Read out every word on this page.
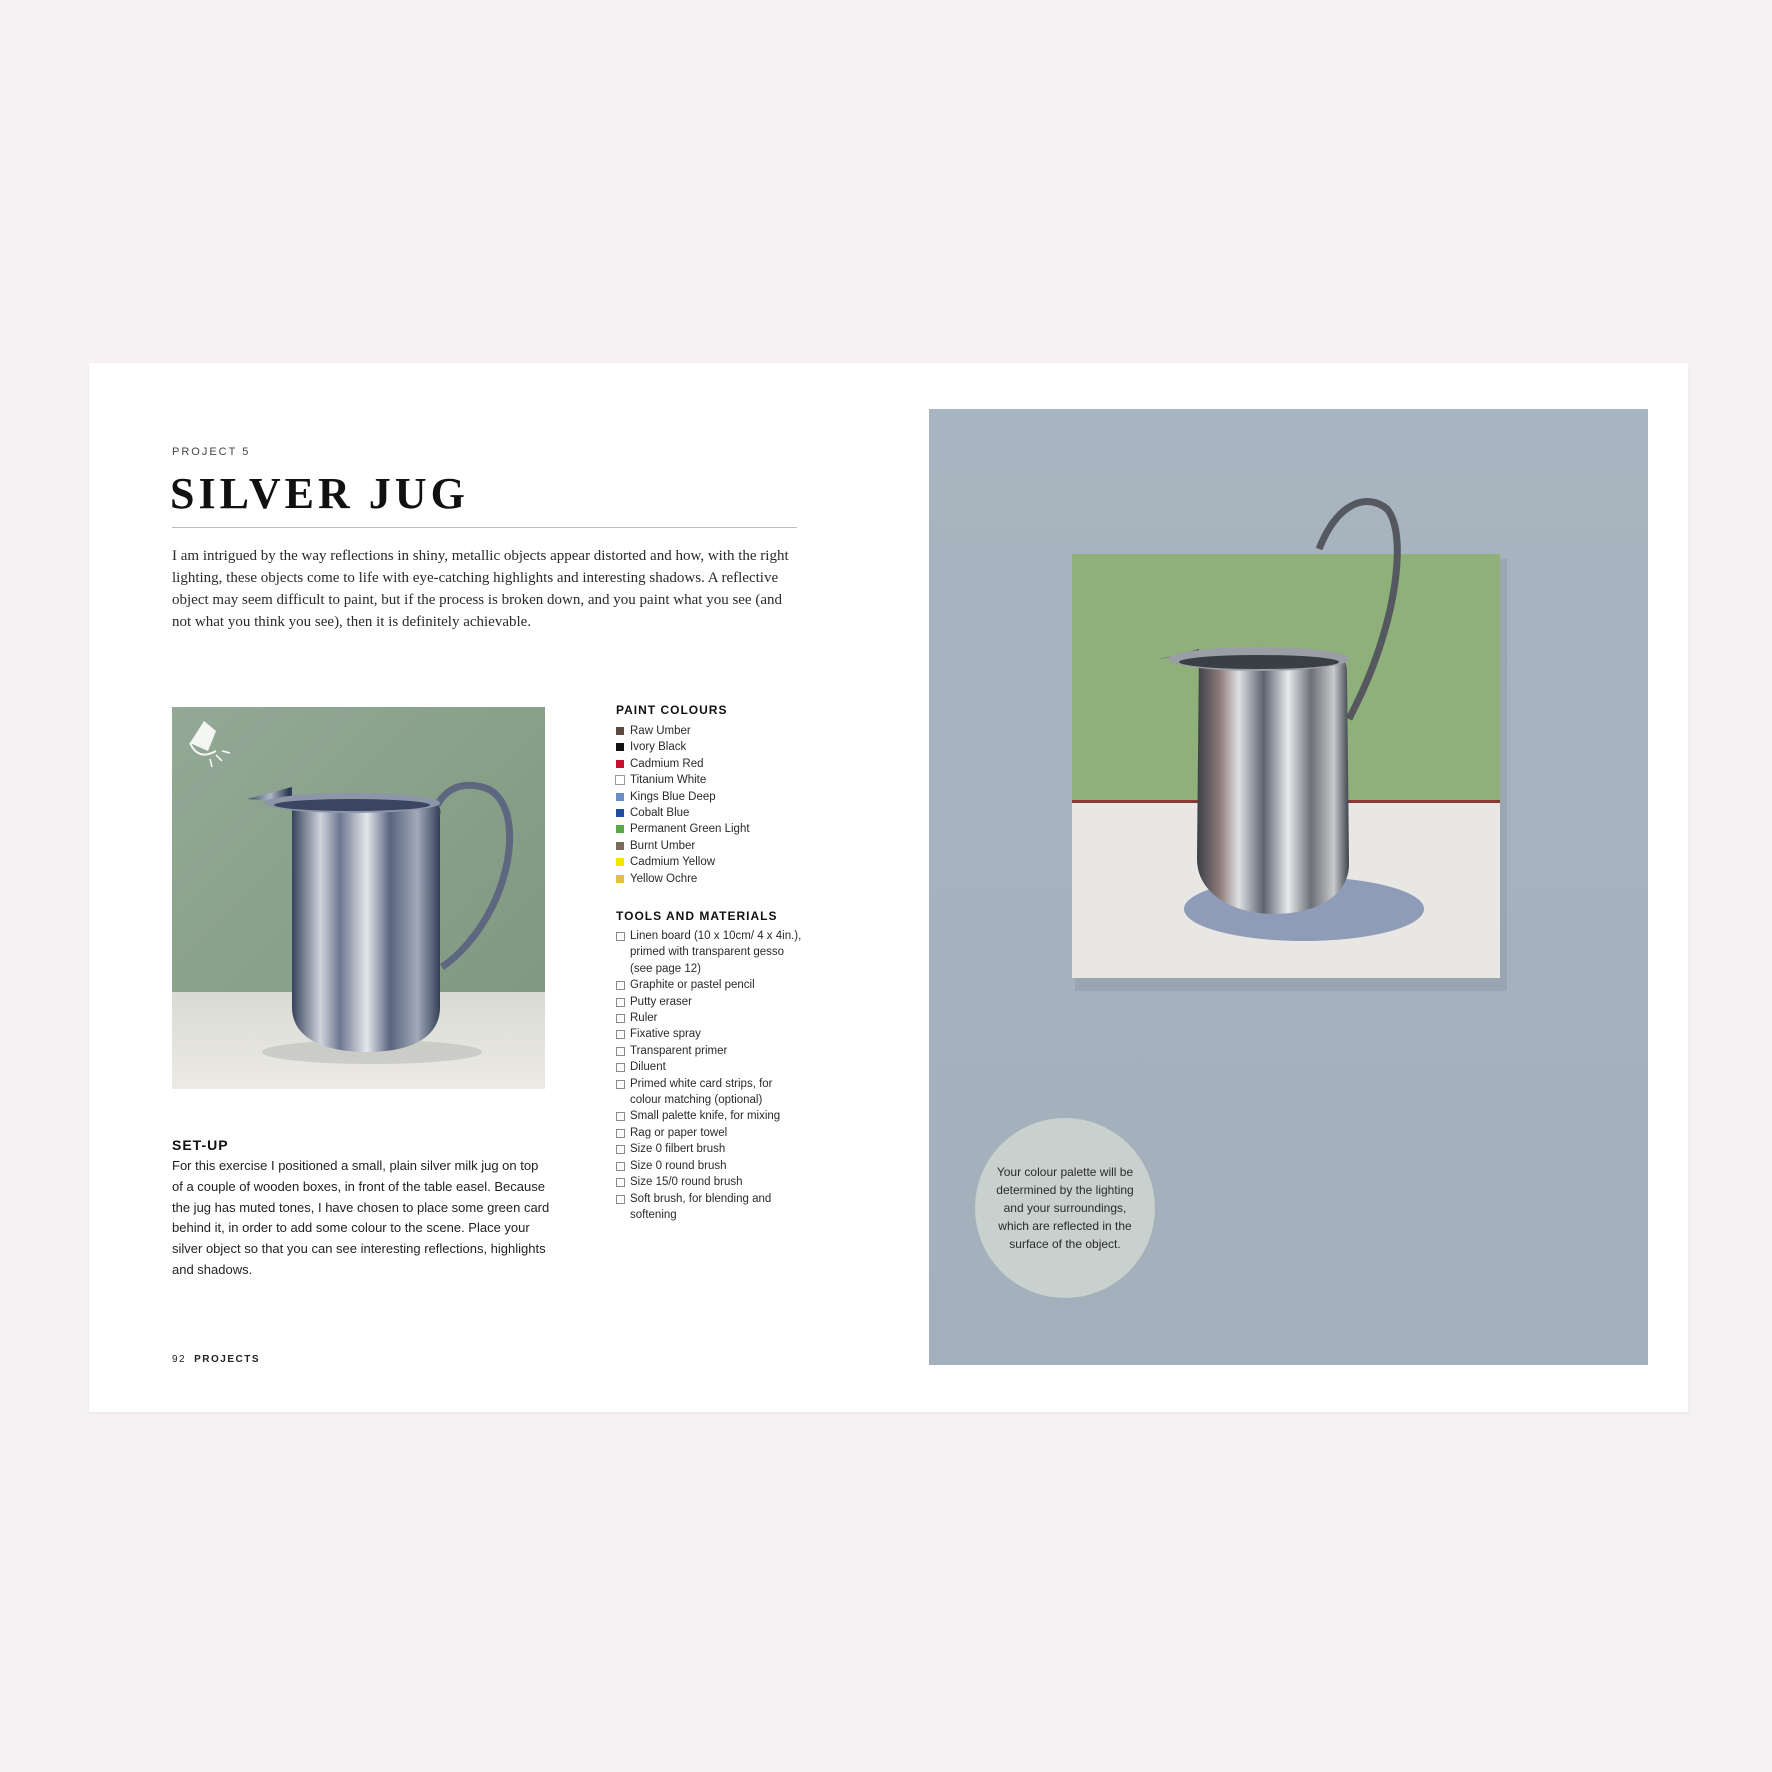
PROJECT 5
SILVER JUG

I am intrigued by the way reflections in shiny, metallic objects appear distorted and how, with the right lighting, these objects come to life with eye-catching highlights and interesting shadows. A reflective object may seem difficult to paint, but if the process is broken down, and you paint what you see (and not what you think you see), then it is definitely achievable.

SET-UP

For this exercise I positioned a small, plain silver milk jug on top of a couple of wooden boxes, in front of the table easel. Because the jug has muted tones, I have chosen to place some green card behind it, in order to add some colour to the scene. Place your silver object so that you can see interesting reflections, highlights and shadows.

PAINT COLOURS
Raw Umber
Ivory Black
Cadmium Red
Titanium White
Kings Blue Deep
Cobalt Blue
Permanent Green Light
Burnt Umber
Cadmium Yellow
Yellow Ochre
TOOLS AND MATERIALS
Linen board (10 x 10cm/ 4 x 4in.), primed with transparent gesso (see page 12)
Graphite or pastel pencil
Putty eraser
Ruler
Fixative spray
Transparent primer
Diluent
Primed white card strips, for colour matching (optional)
Small palette knife, for mixing
Rag or paper towel
Size 0 filbert brush
Size 0 round brush
Size 15/0 round brush
Soft brush, for blending and softening
92 PROJECTS

Your colour palette will be determined by the lighting and your surroundings, which are reflected in the surface of the object.
